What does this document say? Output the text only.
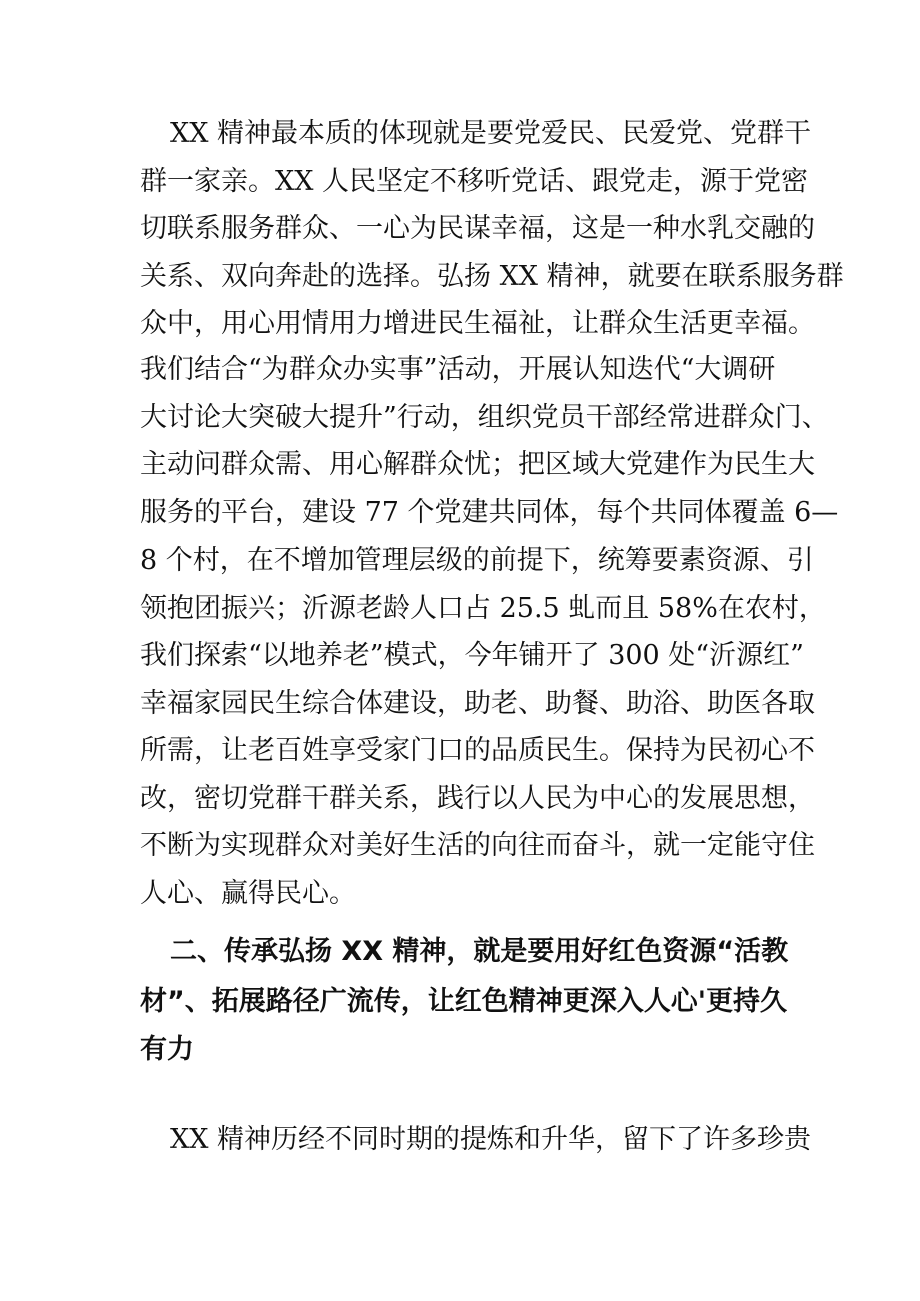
XX 精神最本质的体现就是要党爱民、民爱党、党群干
群一家亲。XX 人民坚定不移听党话、跟党走，源于党密
切联系服务群众、一心为民谋幸福，这是一种水乳交融的
关系、双向奔赴的选择。弘扬 XX 精神，就要在联系服务群
众中，用心用情用力增进民生福祉，让群众生活更幸福。
我们结合“为群众办实事”活动，开展认知迭代“大调研
大讨论大突破大提升”行动，组织党员干部经常进群众门、
主动问群众需、用心解群众忧；把区域大党建作为民生大
服务的平台，建设 77 个党建共同体，每个共同体覆盖 6—
8 个村，在不增加管理层级的前提下，统筹要素资源、引
领抱团振兴；沂源老龄人口占 25.5 虬而且 58%在农村，
我们探索“以地养老”模式，今年铺开了 300 处“沂源红”
幸福家园民生综合体建设，助老、助餐、助浴、助医各取
所需，让老百姓享受家门口的品质民生。保持为民初心不
改，密切党群干群关系，践行以人民为中心的发展思想，
不断为实现群众对美好生活的向往而奋斗，就一定能守住
人心、赢得民心。
二、传承弘扬 XX 精神，就是要用好红色资源“活教
材”、拓展路径广流传，让红色精神更深入人心'更持久
有力
XX 精神历经不同时期的提炼和升华，留下了许多珍贵
